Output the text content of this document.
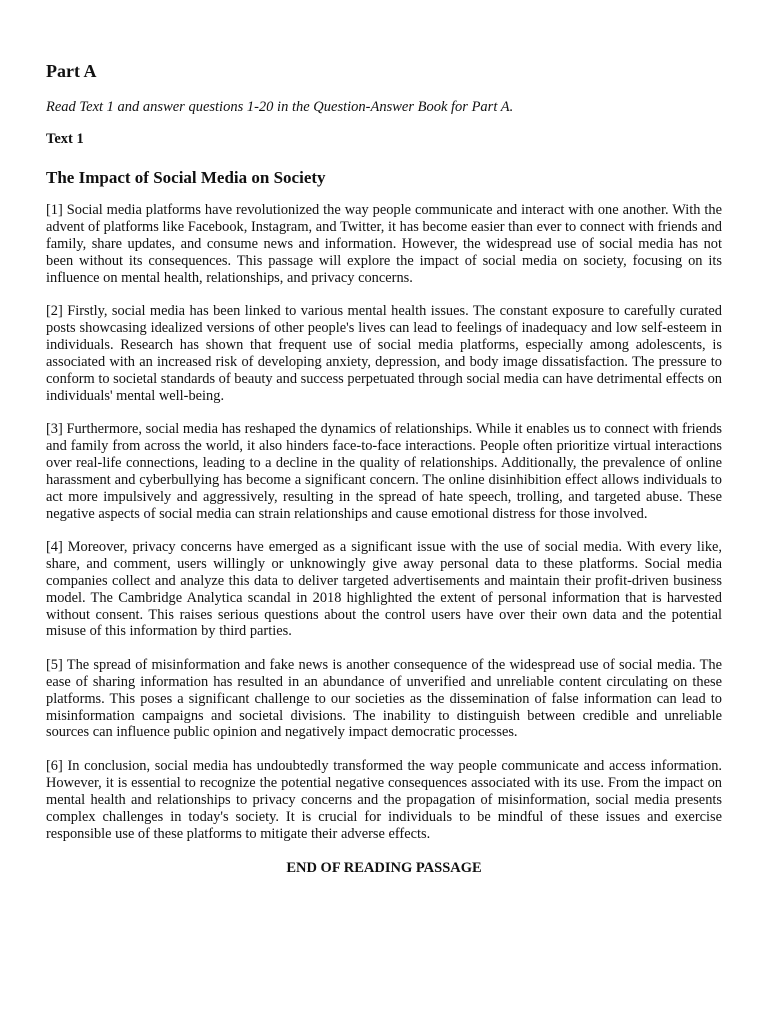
Part A

Read Text 1 and answer questions 1-20 in the Question-Answer Book for Part A.

Text 1

The Impact of Social Media on Society

[1] Social media platforms have revolutionized the way people communicate and interact with one another. With the advent of platforms like Facebook, Instagram, and Twitter, it has become easier than ever to connect with friends and family, share updates, and consume news and information. However, the widespread use of social media has not been without its consequences. This passage will explore the impact of social media on society, focusing on its influence on mental health, relationships, and privacy concerns.

[2] Firstly, social media has been linked to various mental health issues. The constant exposure to carefully curated posts showcasing idealized versions of other people's lives can lead to feelings of inadequacy and low self-esteem in individuals. Research has shown that frequent use of social media platforms, especially among adolescents, is associated with an increased risk of developing anxiety, depression, and body image dissatisfaction. The pressure to conform to societal standards of beauty and success perpetuated through social media can have detrimental effects on individuals' mental well-being.

[3] Furthermore, social media has reshaped the dynamics of relationships. While it enables us to connect with friends and family from across the world, it also hinders face-to-face interactions. People often prioritize virtual interactions over real-life connections, leading to a decline in the quality of relationships. Additionally, the prevalence of online harassment and cyberbullying has become a significant concern. The online disinhibition effect allows individuals to act more impulsively and aggressively, resulting in the spread of hate speech, trolling, and targeted abuse. These negative aspects of social media can strain relationships and cause emotional distress for those involved.

[4] Moreover, privacy concerns have emerged as a significant issue with the use of social media. With every like, share, and comment, users willingly or unknowingly give away personal data to these platforms. Social media companies collect and analyze this data to deliver targeted advertisements and maintain their profit-driven business model. The Cambridge Analytica scandal in 2018 highlighted the extent of personal information that is harvested without consent. This raises serious questions about the control users have over their own data and the potential misuse of this information by third parties.

[5] The spread of misinformation and fake news is another consequence of the widespread use of social media. The ease of sharing information has resulted in an abundance of unverified and unreliable content circulating on these platforms. This poses a significant challenge to our societies as the dissemination of false information can lead to misinformation campaigns and societal divisions. The inability to distinguish between credible and unreliable sources can influence public opinion and negatively impact democratic processes.

[6] In conclusion, social media has undoubtedly transformed the way people communicate and access information. However, it is essential to recognize the potential negative consequences associated with its use. From the impact on mental health and relationships to privacy concerns and the propagation of misinformation, social media presents complex challenges in today's society. It is crucial for individuals to be mindful of these issues and exercise responsible use of these platforms to mitigate their adverse effects.

END OF READING PASSAGE
